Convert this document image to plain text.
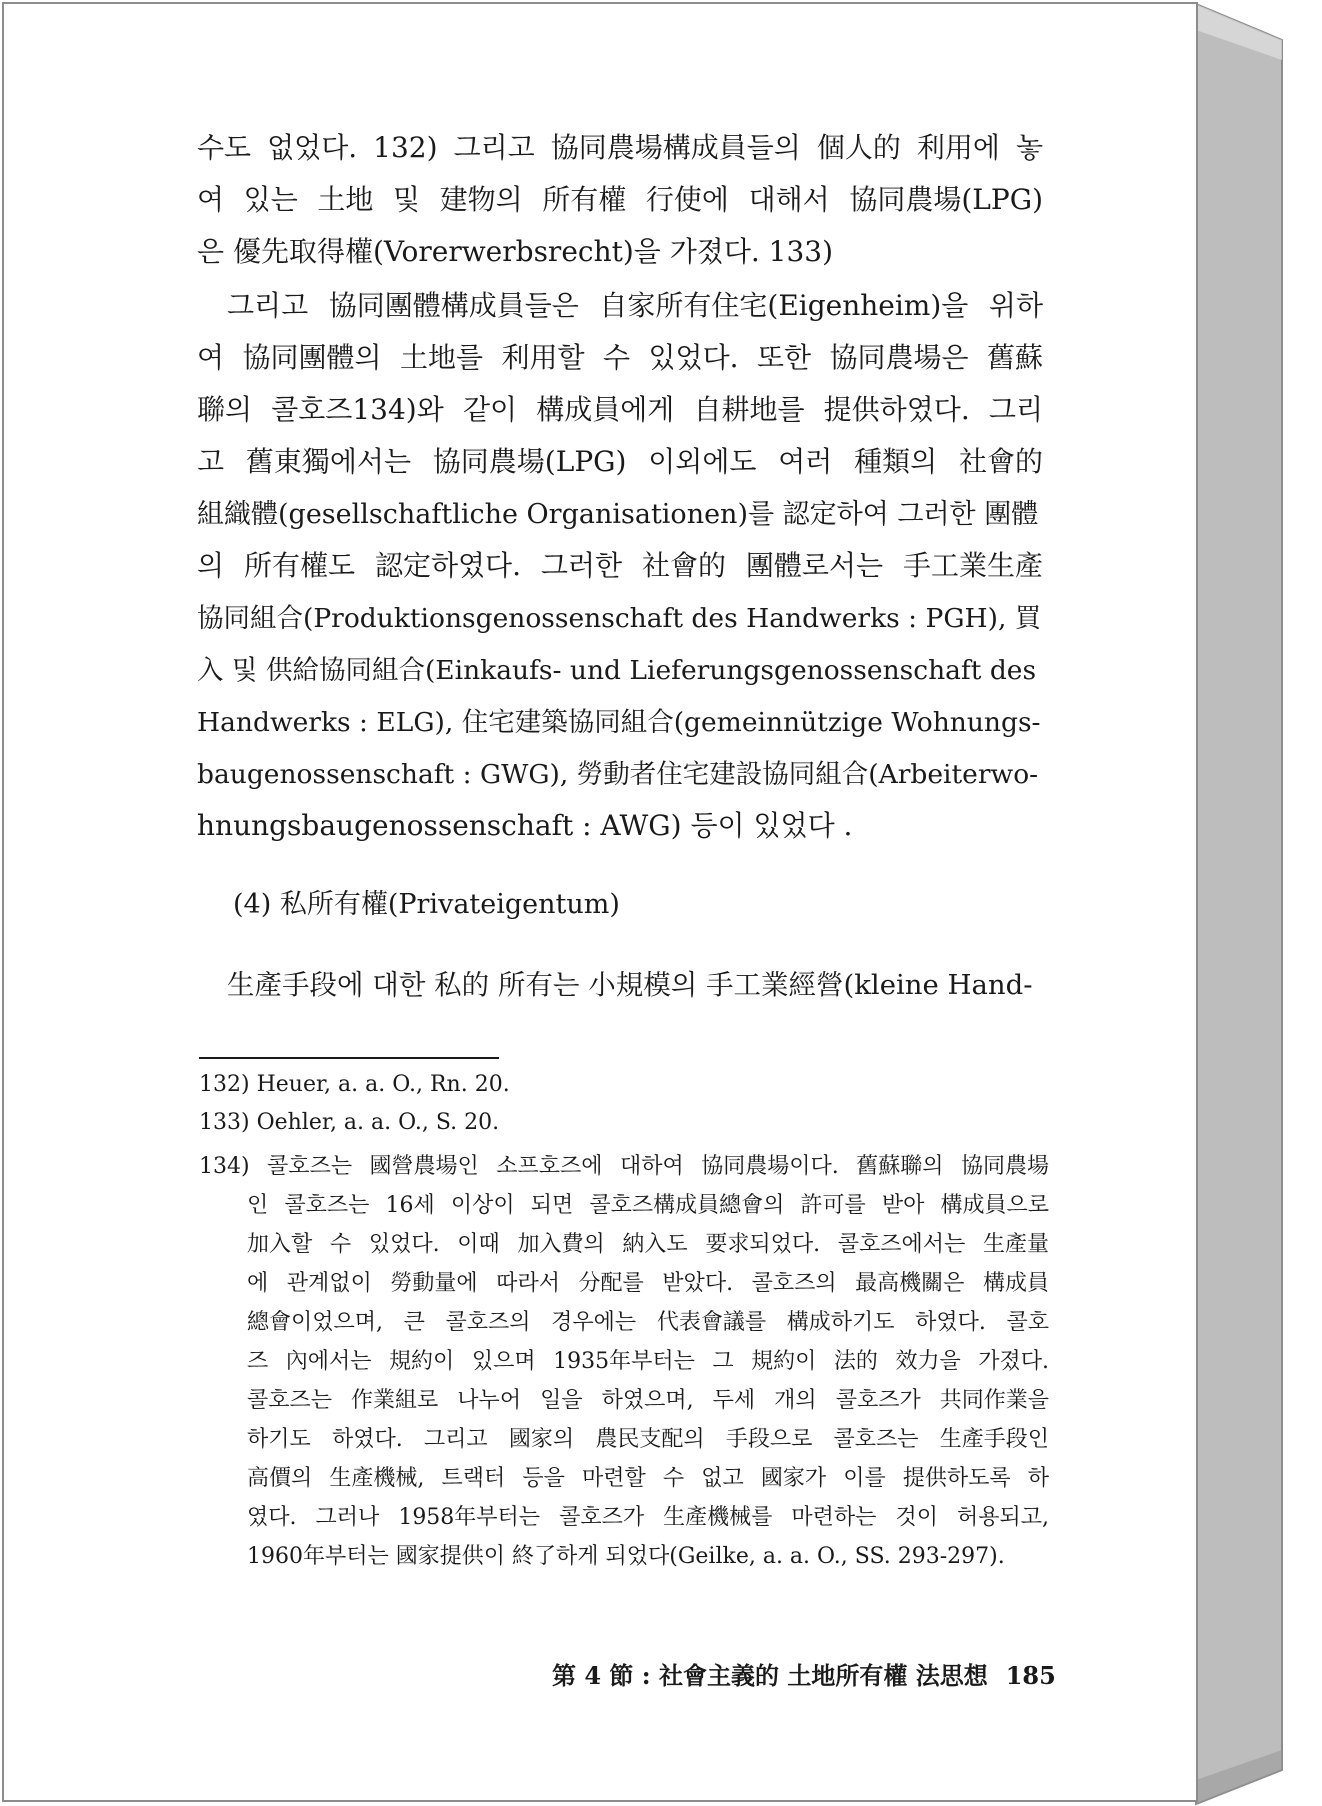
수도 없었다. 132) 그리고 協同農場構成員들의 個人的 利用에 놓
여 있는 土地 및 建物의 所有權 行使에 대해서 協同農場(LPG)
은 優先取得權(Vorerwerbsrecht)을 가졌다. 133)
그리고 協同團體構成員들은 自家所有住宅(Eigenheim)을 위하
여 協同團體의 土地를 利用할 수 있었다. 또한 協同農場은 舊蘇
聯의 콜호즈134)와 같이 構成員에게 自耕地를 提供하였다. 그리
고 舊東獨에서는 協同農場(LPG) 이외에도 여러 種類의 社會的
組織體(gesellschaftliche Organisationen)를 認定하여 그러한 團體
의 所有權도 認定하였다. 그러한 社會的 團體로서는 手工業生產
協同組合(Produktionsgenossenschaft des Handwerks : PGH), 買
入 및 供給協同組合(Einkaufs- und Lieferungsgenossenschaft des
Handwerks : ELG), 住宅建築協同組合(gemeinnützige Wohnungs-
baugenossenschaft : GWG), 勞動者住宅建設協同組合(Arbeiterwo-
hnungsbaugenossenschaft : AWG) 등이 있었다 .
(4) 私所有權(Privateigentum)
生產手段에 대한 私的 所有는 小規模의 手工業經營(kleine Hand-
132) Heuer, a. a. O., Rn. 20.
133) Oehler, a. a. O., S. 20.
134) 콜호즈는 國營農場인 소프호즈에 대하여 協同農場이다. 舊蘇聯의 協同農場
인 콜호즈는 16세 이상이 되면 콜호즈構成員總會의 許可를 받아 構成員으로
加入할 수 있었다. 이때 加入費의 納入도 要求되었다. 콜호즈에서는 生產量
에 관계없이 勞動量에 따라서 分配를 받았다. 콜호즈의 最高機關은 構成員
總會이었으며, 큰 콜호즈의 경우에는 代表會議를 構成하기도 하였다. 콜호
즈 內에서는 規約이 있으며 1935年부터는 그 規約이 法的 效力을 가졌다.
콜호즈는 作業組로 나누어 일을 하였으며, 두세 개의 콜호즈가 共同作業을
하기도 하였다. 그리고 國家의 農民支配의 手段으로 콜호즈는 生產手段인
高價의 生產機械, 트랙터 등을 마련할 수 없고 國家가 이를 提供하도록 하
였다. 그러나 1958年부터는 콜호즈가 生產機械를 마련하는 것이 허용되고,
1960年부터는 國家提供이 終了하게 되었다(Geilke, a. a. O., SS. 293-297).
第 4 節 : 社會主義的 土地所有權 法思想 185
